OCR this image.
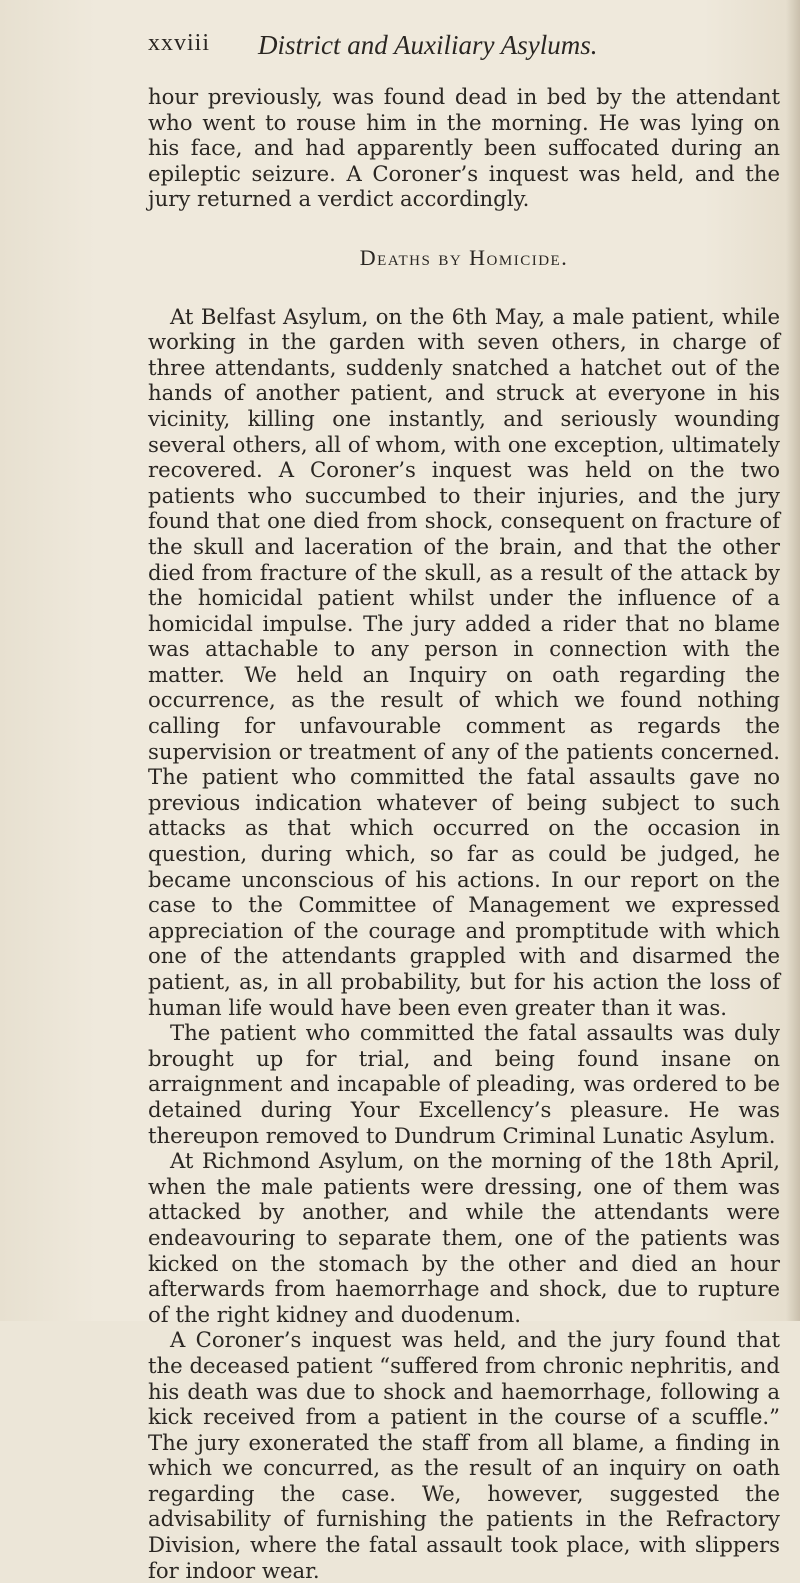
xxviii District and Auxiliary Asylums.

hour previously, was found dead in bed by the attendant who went to rouse him in the morning. He was lying on his face, and had apparently been suffocated during an epileptic seizure. A Coroner’s inquest was held, and the jury returned a verdict accordingly.

Deaths by Homicide.

At Belfast Asylum, on the 6th May, a male patient, while working in the garden with seven others, in charge of three attendants, suddenly snatched a hatchet out of the hands of another patient, and struck at everyone in his vicinity, killing one instantly, and seriously wounding several others, all of whom, with one exception, ultimately recovered. A Coroner’s inquest was held on the two patients who succumbed to their injuries, and the jury found that one died from shock, consequent on fracture of the skull and laceration of the brain, and that the other died from fracture of the skull, as a result of the attack by the homicidal patient whilst under the influence of a homicidal impulse. The jury added a rider that no blame was attachable to any person in connection with the matter. We held an Inquiry on oath regarding the occurrence, as the result of which we found nothing calling for unfavourable comment as regards the supervision or treatment of any of the patients concerned. The patient who committed the fatal assaults gave no previous indication whatever of being subject to such attacks as that which occurred on the occasion in question, during which, so far as could be judged, he became unconscious of his actions. In our report on the case to the Committee of Management we expressed appreciation of the courage and promptitude with which one of the attendants grappled with and disarmed the patient, as, in all probability, but for his action the loss of human life would have been even greater than it was.

The patient who committed the fatal assaults was duly brought up for trial, and being found insane on arraignment and incapable of pleading, was ordered to be detained during Your Excellency’s pleasure. He was thereupon removed to Dundrum Criminal Lunatic Asylum.

At Richmond Asylum, on the morning of the 18th April, when the male patients were dressing, one of them was attacked by another, and while the attendants were endeavouring to separate them, one of the patients was kicked on the stomach by the other and died an hour afterwards from haemorrhage and shock, due to rupture of the right kidney and duodenum.

A Coroner’s inquest was held, and the jury found that the deceased patient “suffered from chronic nephritis, and his death was due to shock and haemorrhage, following a kick received from a patient in the course of a scuffle.” The jury exonerated the staff from all blame, a finding in which we concurred, as the result of an inquiry on oath regarding the case. We, however, suggested the advisability of furnishing the patients in the Refractory Division, where the fatal assault took place, with slippers for indoor wear.
